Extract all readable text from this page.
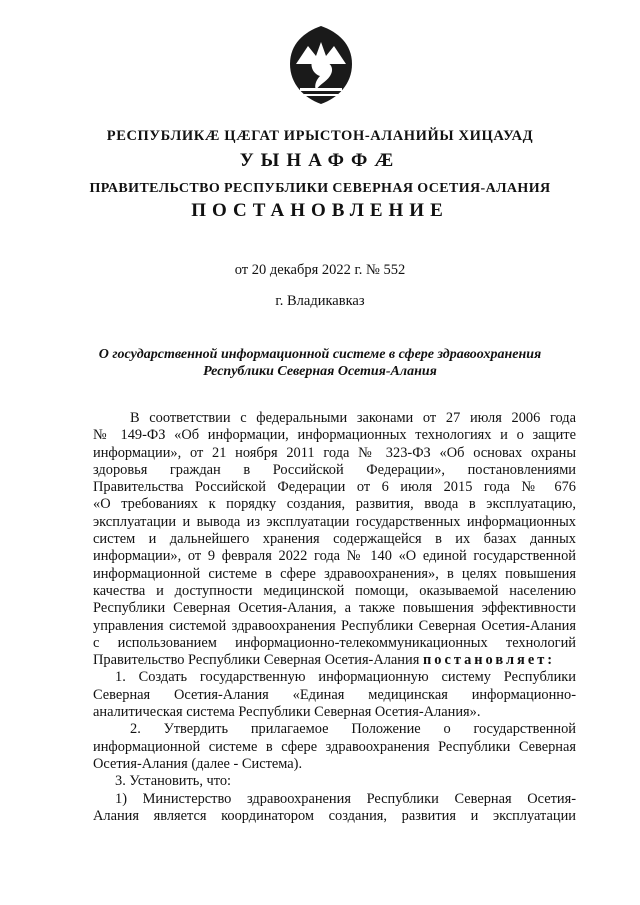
РЕСПУБЛИКӔ ЦӔГАТ ИРЫСТОН-АЛАНИЙЫ ХИЦАУАД
УЫНАФФӔ
ПРАВИТЕЛЬСТВО РЕСПУБЛИКИ СЕВЕРНАЯ ОСЕТИЯ-АЛАНИЯ
ПОСТАНОВЛЕНИЕ
от 20 декабря 2022 г. № 552
г. Владикавказ
О государственной информационной системе в сфере здравоохранения
Республики Северная Осетия-Алания
В соответствии с федеральными законами от 27 июля 2006 года
№ 149-ФЗ «Об информации, информационных технологиях и о защите
информации», от 21 ноября 2011 года № 323-ФЗ «Об основах охраны
здоровья граждан в Российской Федерации», постановлениями
Правительства Российской Федерации от 6 июля 2015 года № 676
«О требованиях к порядку создания, развития, ввода в эксплуатацию,
эксплуатации и вывода из эксплуатации государственных информационных
систем и дальнейшего хранения содержащейся в их базах данных
информации», от 9 февраля 2022 года № 140 «О единой государственной
информационной системе в сфере здравоохранения», в целях повышения
качества и доступности медицинской помощи, оказываемой населению
Республики Северная Осетия-Алания, а также повышения эффективности
управления системой здравоохранения Республики Северная Осетия-Алания
с использованием информационно-телекоммуникационных технологий
Правительство Республики Северная Осетия-Алания постановляет:
1. Создать государственную информационную систему Республики
Северная Осетия-Алания «Единая медицинская информационно-
аналитическая система Республики Северная Осетия-Алания».
2. Утвердить прилагаемое Положение о государственной
информационной системе в сфере здравоохранения Республики Северная
Осетия-Алания (далее - Система).
3. Установить, что:
1) Министерство здравоохранения Республики Северная Осетия-
Алания является координатором создания, развития и эксплуатации
